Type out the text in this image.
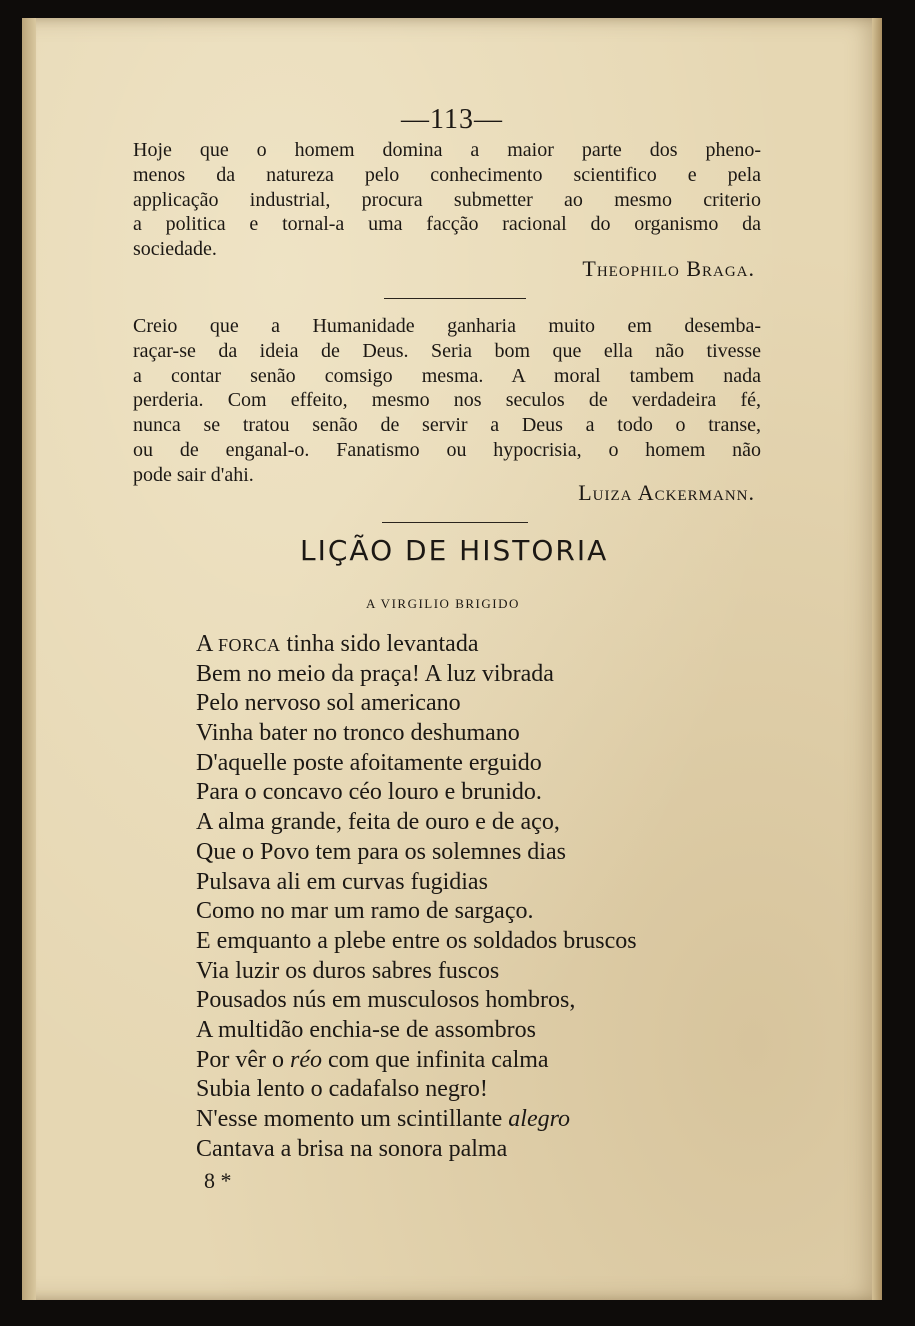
—113—
Hoje que o homem domina a maior parte dos pheno-
menos da natureza pelo conhecimento scientifico e pela
applicação industrial, procura submetter ao mesmo criterio
a politica e tornal-a uma facção racional do organismo da
sociedade.
Theophilo Braga.
Creio que a Humanidade ganharia muito em desemba-
raçar-se da ideia de Deus. Seria bom que ella não tivesse
a contar senão comsigo mesma. A moral tambem nada
perderia. Com effeito, mesmo nos seculos de verdadeira fé,
nunca se tratou senão de servir a Deus a todo o transe,
ou de enganal-o. Fanatismo ou hypocrisia, o homem não
pode sair d'ahi.
Luiza Ackermann.
LIÇÃO DE HISTORIA
A VIRGILIO BRIGIDO
A FORCA tinha sido levantada
Bem no meio da praça! A luz vibrada
Pelo nervoso sol americano
Vinha bater no tronco deshumano
D'aquelle poste afoitamente erguido
Para o concavo céo louro e brunido.
A alma grande, feita de ouro e de aço,
Que o Povo tem para os solemnes dias
Pulsava ali em curvas fugidias
Como no mar um ramo de sargaço.
E emquanto a plebe entre os soldados bruscos
Via luzir os duros sabres fuscos
Pousados nús em musculosos hombros,
A multidão enchia-se de assombros
Por vêr o réo com que infinita calma
Subia lento o cadafalso negro!
N'esse momento um scintillante alegro
Cantava a brisa na sonora palma
8 *
